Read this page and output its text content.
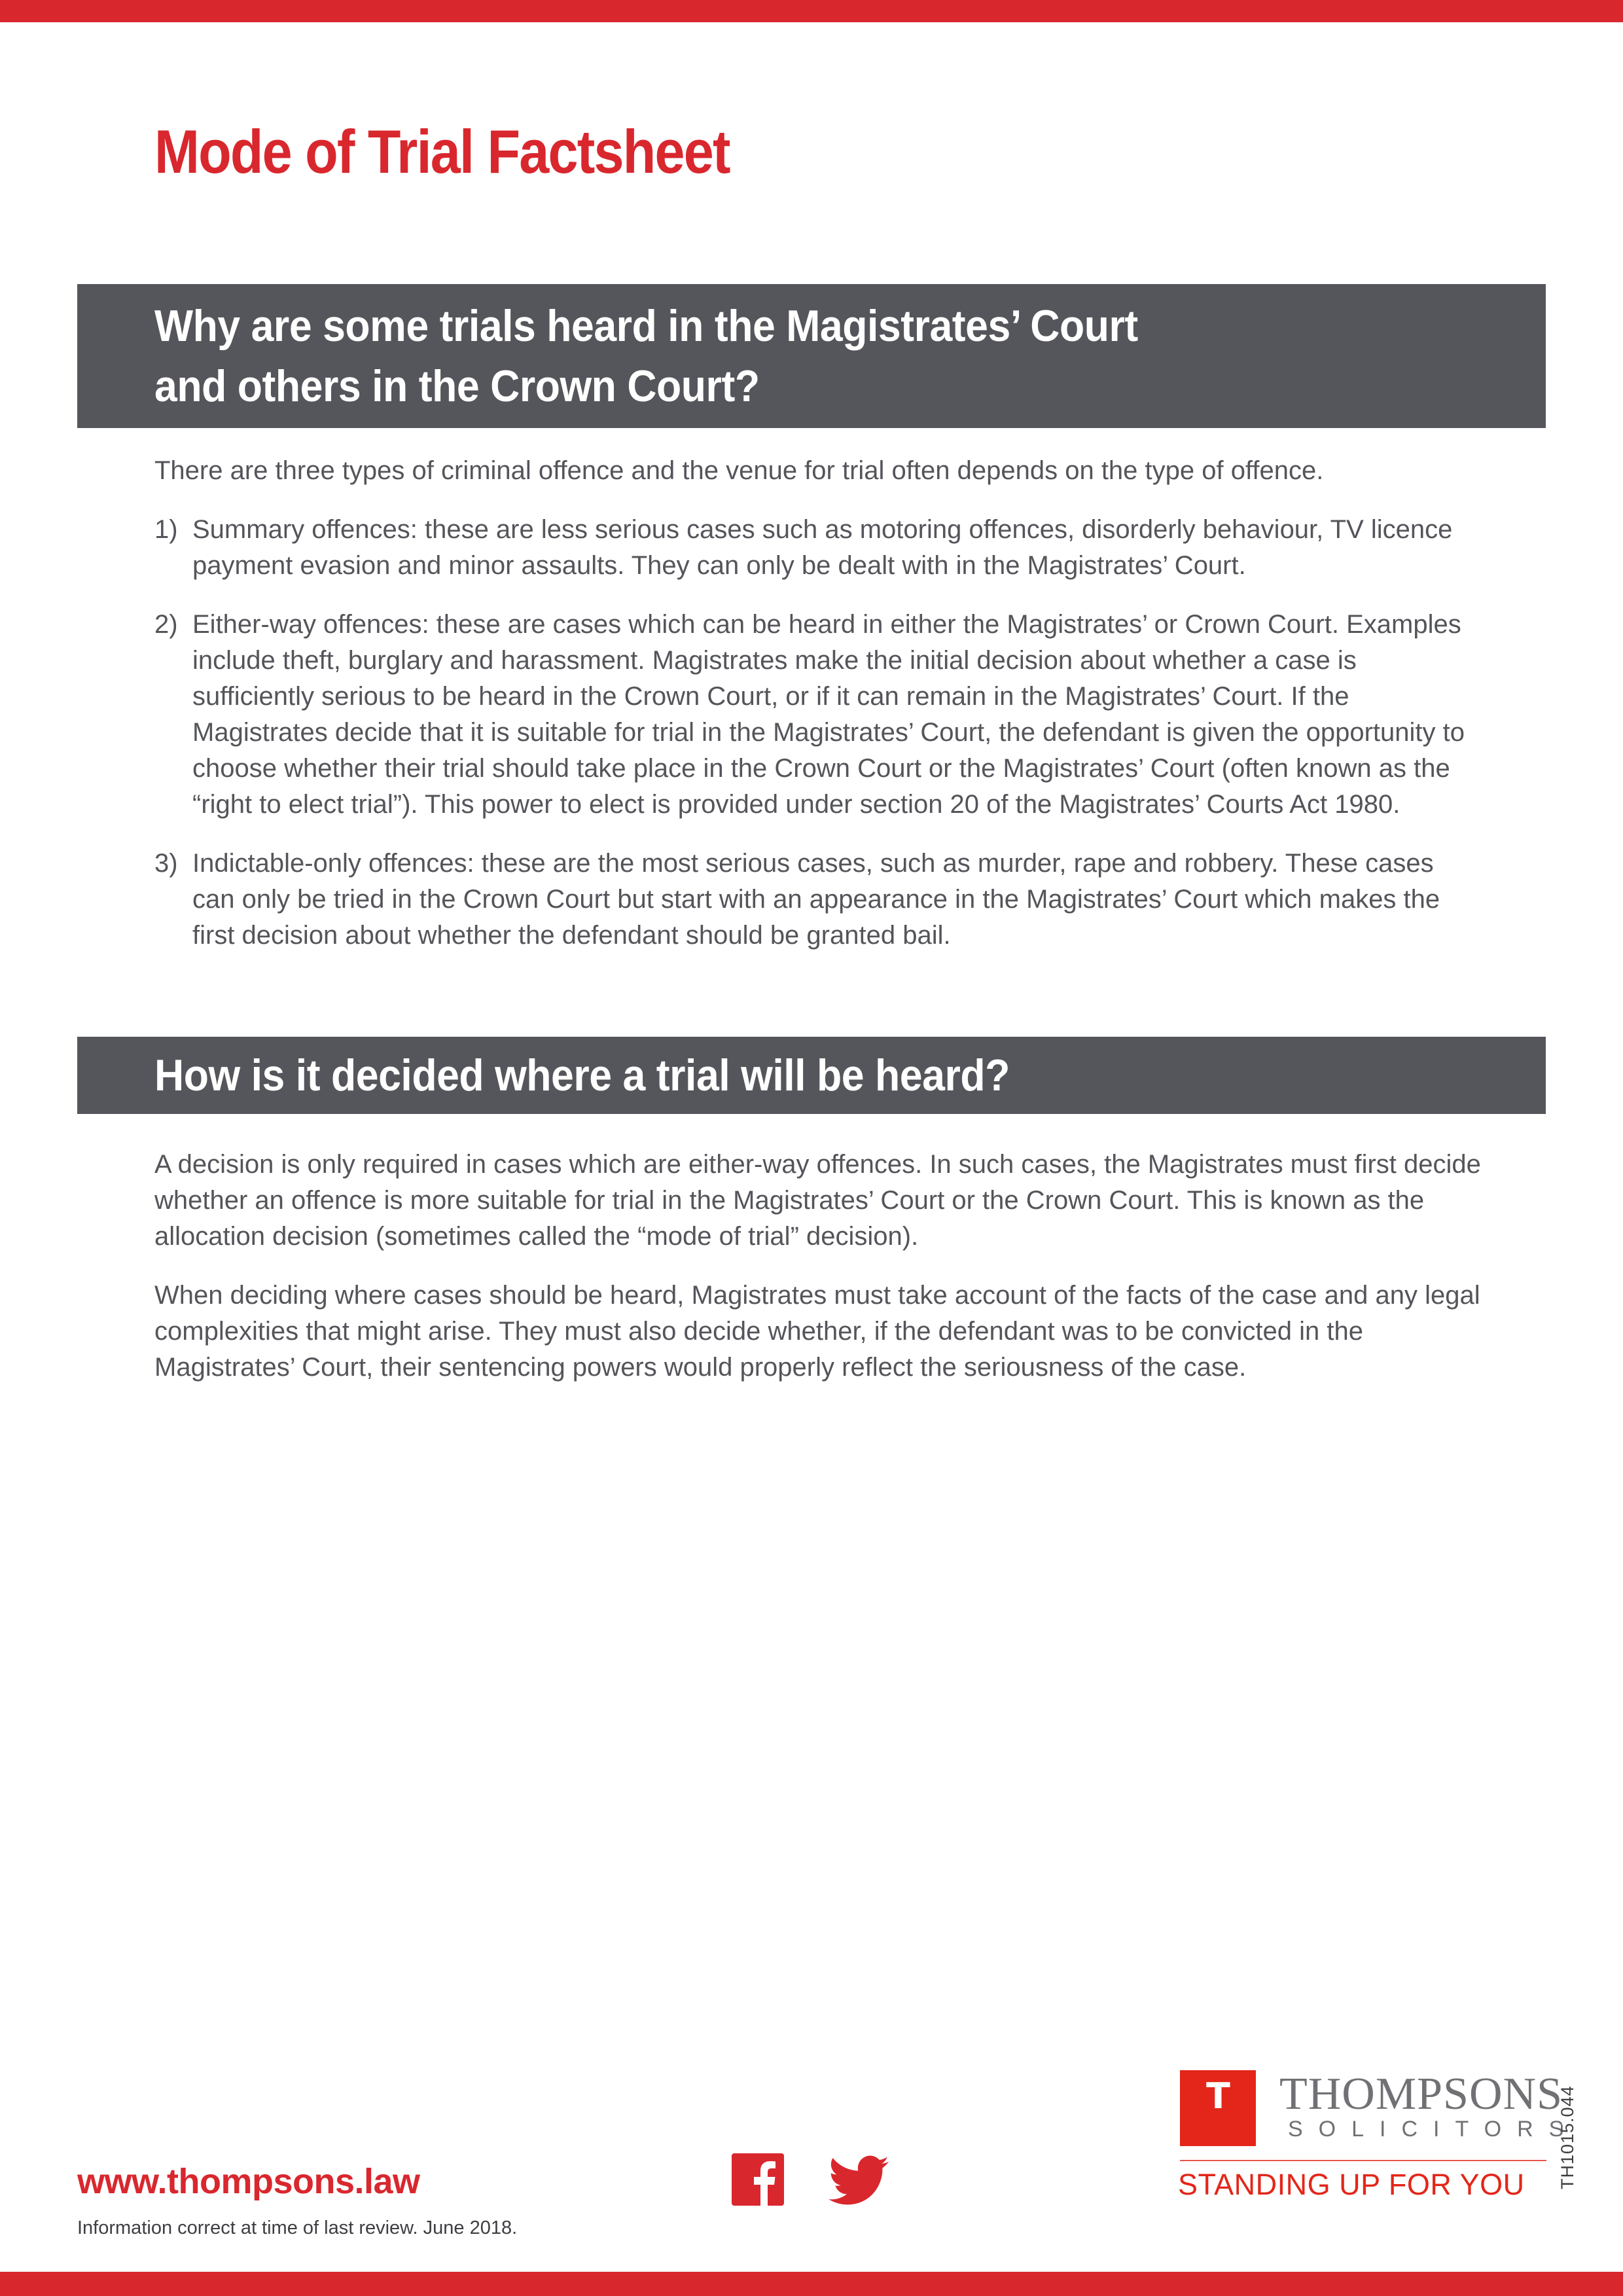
Mode of Trial Factsheet
Why are some trials heard in the Magistrates’ Court
and others in the Crown Court?

There are three types of criminal offence and the venue for trial often depends on the type of offence.

1) Summary offences: these are less serious cases such as motoring offences, disorderly behaviour, TV licence payment evasion and minor assaults. They can only be dealt with in the Magistrates’ Court.
2) Either-way offences: these are cases which can be heard in either the Magistrates’ or Crown Court. Examples include theft, burglary and harassment. Magistrates make the initial decision about whether a case is sufficiently serious to be heard in the Crown Court, or if it can remain in the Magistrates’ Court. If the Magistrates decide that it is suitable for trial in the Magistrates’ Court, the defendant is given the opportunity to choose whether their trial should take place in the Crown Court or the Magistrates’ Court (often known as the “right to elect trial”). This power to elect is provided under section 20 of the Magistrates’ Courts Act 1980.
3) Indictable-only offences: these are the most serious cases, such as murder, rape and robbery. These cases can only be tried in the Crown Court but start with an appearance in the Magistrates’ Court which makes the first decision about whether the defendant should be granted bail.
How is it decided where a trial will be heard?

A decision is only required in cases which are either-way offences. In such cases, the Magistrates must first decide whether an offence is more suitable for trial in the Magistrates’ Court or the Crown Court. This is known as the allocation decision (sometimes called the “mode of trial” decision).

When deciding where cases should be heard, Magistrates must take account of the facts of the case and any legal complexities that might arise. They must also decide whether, if the defendant was to be convicted in the Magistrates’ Court, their sentencing powers would properly reflect the seriousness of the case.

www.thompsons.law
Information correct at time of last review. June 2018.
T THOMPSONS
SOLICITORS
STANDING UP FOR YOU TH1015.044
